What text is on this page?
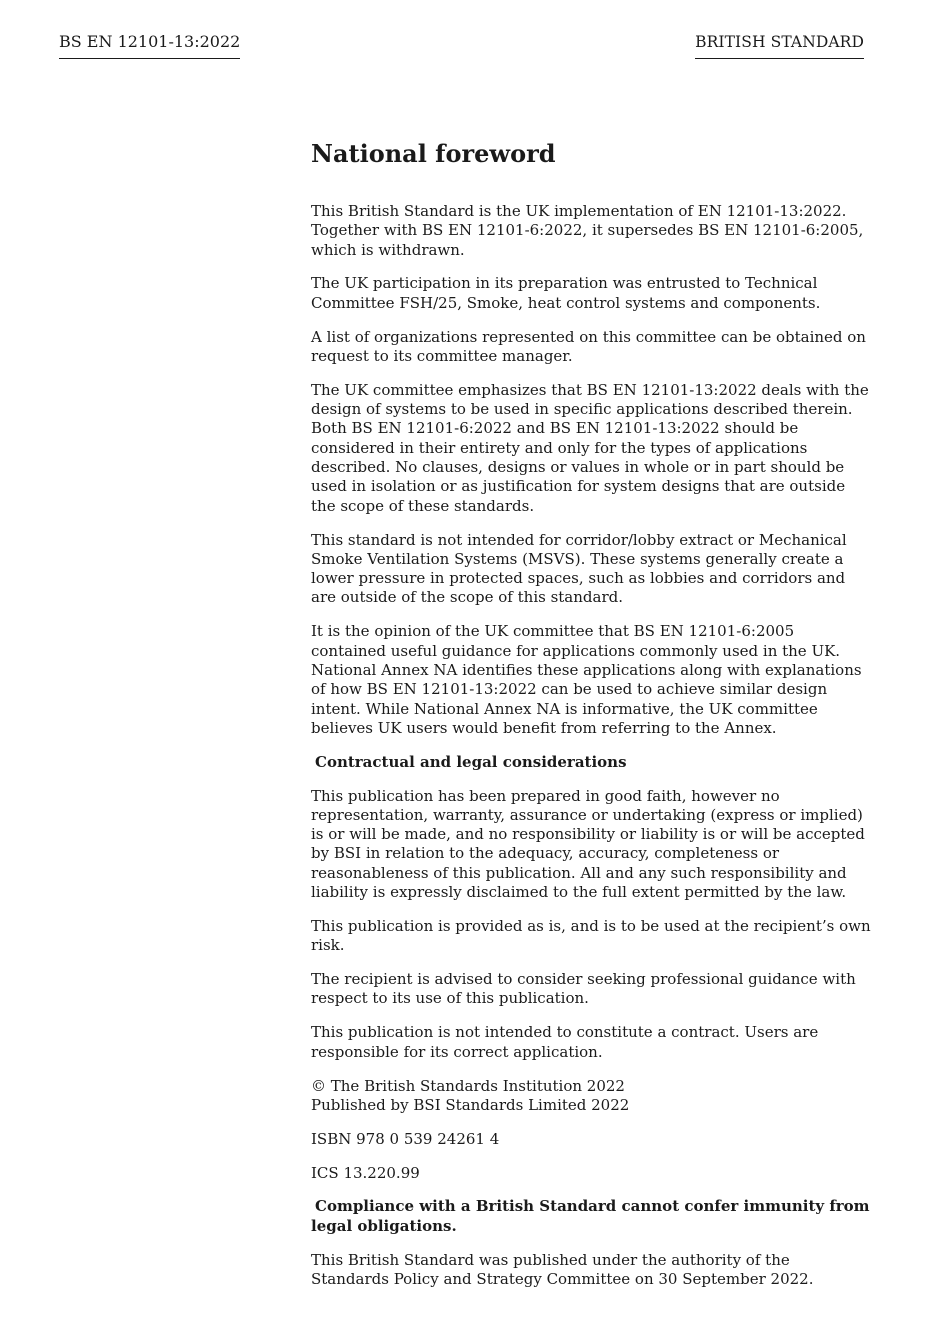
BS EN 12101-13:2022	BRITISH STANDARD
National foreword

This British Standard is the UK implementation of EN 12101-13:2022. Together with BS EN 12101-6:2022, it supersedes BS EN 12101-6:2005, which is withdrawn.

The UK participation in its preparation was entrusted to Technical Committee FSH/25, Smoke, heat control systems and components.

A list of organizations represented on this committee can be obtained on request to its committee manager.

The UK committee emphasizes that BS EN 12101-13:2022 deals with the design of systems to be used in specific applications described therein. Both BS EN 12101-6:2022 and BS EN 12101-13:2022 should be considered in their entirety and only for the types of applications described. No clauses, designs or values in whole or in part should be used in isolation or as justification for system designs that are outside the scope of these standards.

This standard is not intended for corridor/lobby extract or Mechanical Smoke Ventilation Systems (MSVS). These systems generally create a lower pressure in protected spaces, such as lobbies and corridors and are outside of the scope of this standard.

It is the opinion of the UK committee that BS EN 12101-6:2005 contained useful guidance for applications commonly used in the UK. National Annex NA identifies these applications along with explanations of how BS EN 12101-13:2022 can be used to achieve similar design intent. While National Annex NA is informative, the UK committee believes UK users would benefit from referring to the Annex.

Contractual and legal considerations

This publication has been prepared in good faith, however no representation, warranty, assurance or undertaking (express or implied) is or will be made, and no responsibility or liability is or will be accepted by BSI in relation to the adequacy, accuracy, completeness or reasonableness of this publication. All and any such responsibility and liability is expressly disclaimed to the full extent permitted by the law.

This publication is provided as is, and is to be used at the recipient’s own risk.

The recipient is advised to consider seeking professional guidance with respect to its use of this publication.

This publication is not intended to constitute a contract. Users are responsible for its correct application.

© The British Standards Institution 2022
Published by BSI Standards Limited 2022

ISBN 978 0 539 24261 4

ICS 13.220.99

Compliance with a British Standard cannot confer immunity from legal obligations.

This British Standard was published under the authority of the Standards Policy and Strategy Committee on 30 September 2022.
